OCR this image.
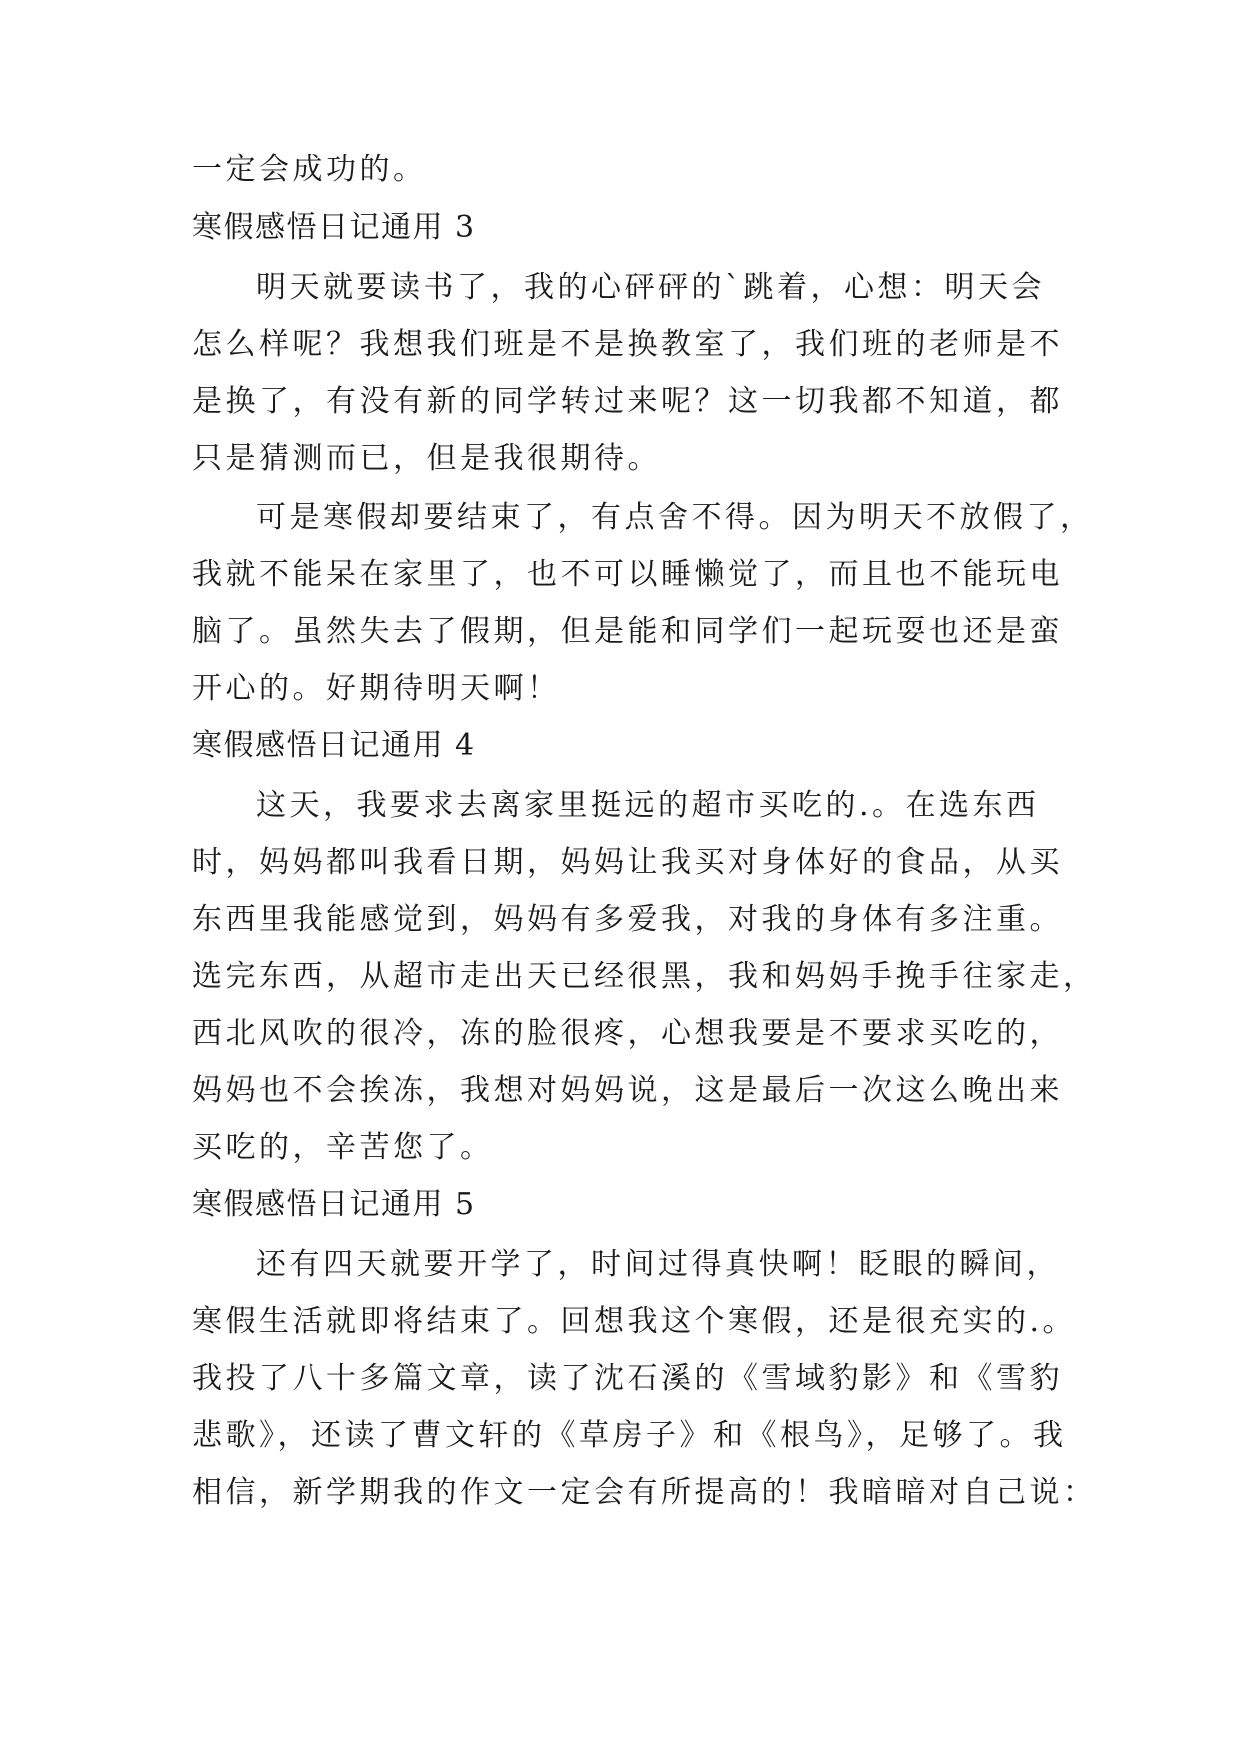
一定会成功的。
寒假感悟日记通用 3
明天就要读书了，我的心砰砰的`跳着，心想：明天会
怎么样呢？我想我们班是不是换教室了，我们班的老师是不
是换了，有没有新的同学转过来呢？这一切我都不知道，都
只是猜测而已，但是我很期待。
可是寒假却要结束了，有点舍不得。因为明天不放假了，
我就不能呆在家里了，也不可以睡懒觉了，而且也不能玩电
脑了。虽然失去了假期，但是能和同学们一起玩耍也还是蛮
开心的。好期待明天啊！
寒假感悟日记通用 4
这天，我要求去离家里挺远的超市买吃的.。在选东西
时，妈妈都叫我看日期，妈妈让我买对身体好的食品，从买
东西里我能感觉到，妈妈有多爱我，对我的身体有多注重。
选完东西，从超市走出天已经很黑，我和妈妈手挽手往家走，
西北风吹的很冷，冻的脸很疼，心想我要是不要求买吃的，
妈妈也不会挨冻，我想对妈妈说，这是最后一次这么晚出来
买吃的，辛苦您了。
寒假感悟日记通用 5
还有四天就要开学了，时间过得真快啊！眨眼的瞬间，
寒假生活就即将结束了。回想我这个寒假，还是很充实的.。
我投了八十多篇文章，读了沈石溪的《雪域豹影》和《雪豹
悲歌》，还读了曹文轩的《草房子》和《根鸟》，足够了。我
相信，新学期我的作文一定会有所提高的！我暗暗对自己说：
